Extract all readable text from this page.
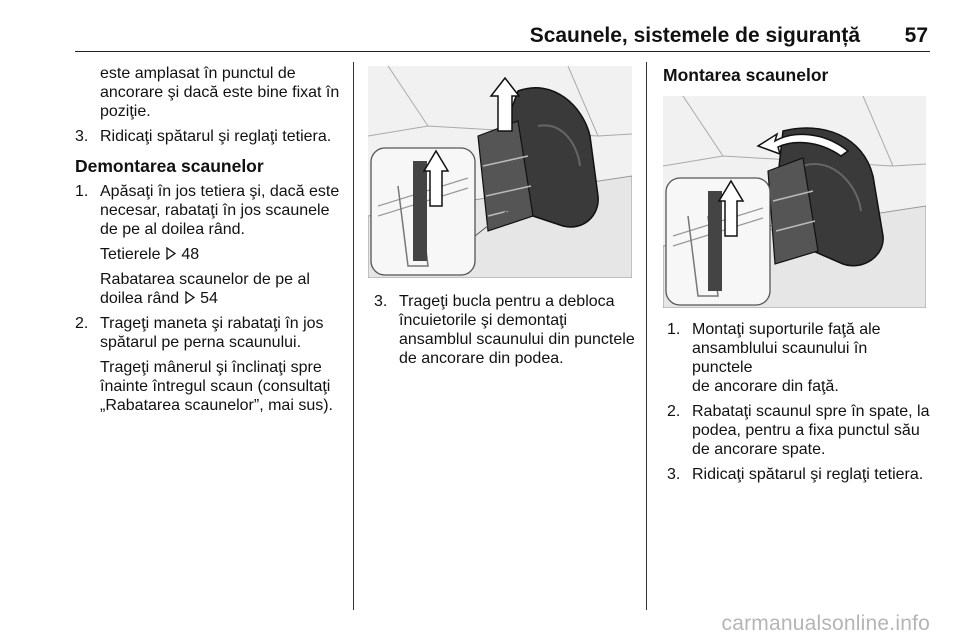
Scaunele, sistemele de siguranță	57

este amplasat în punctul de

ancorare şi dacă este bine fixat în

poziţie.

3. Ridicaţi spătarul şi reglaţi tetiera.

Demontarea scaunelor

1. Apăsaţi în jos tetiera şi, dacă este

necesar, rabataţi în jos scaunele

de pe al doilea rând.

Tetierele 48

Rabatarea scaunelor de pe al

doilea rând 54

2. Trageţi maneta şi rabataţi în jos

spătarul pe perna scaunului.

Trageţi mânerul şi înclinaţi spre

înainte întregul scaun (consultaţi

„Rabatarea scaunelor”, mai sus).

3. Trageţi bucla pentru a debloca

încuietorile şi demontaţi

ansamblul scaunului din punctele

de ancorare din podea.

Montarea scaunelor

1. Montaţi suporturile faţă ale

ansamblului scaunului în punctele

de ancorare din faţă.

2. Rabataţi scaunul spre în spate, la

podea, pentru a fixa punctul său

de ancorare spate.

3. Ridicaţi spătarul şi reglaţi tetiera.

carmanualsonline.info
